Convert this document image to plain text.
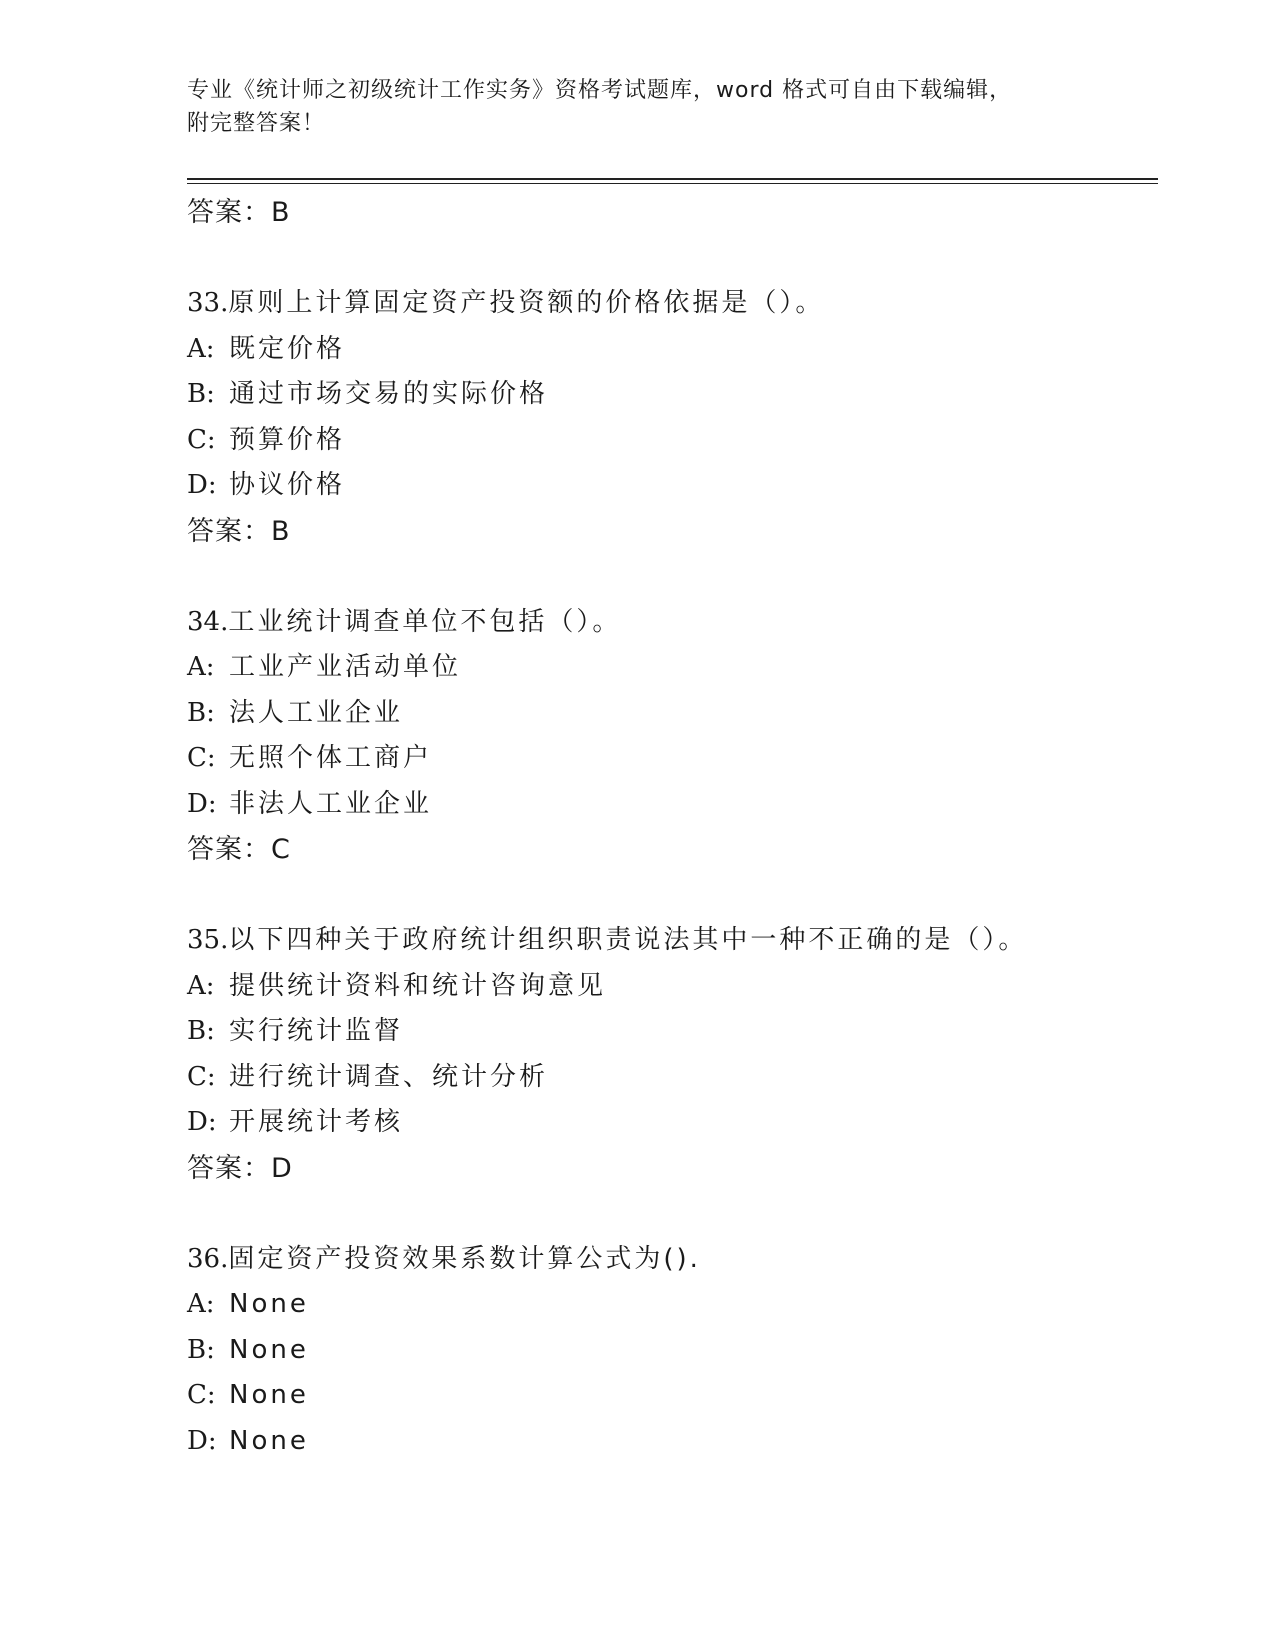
专业《统计师之初级统计工作实务》资格考试题库，word 格式可自由下载编辑，
附完整答案！
答案：B
33.原则上计算固定资产投资额的价格依据是（）。
A: 既定价格
B: 通过市场交易的实际价格
C: 预算价格
D: 协议价格
答案：B
34.工业统计调查单位不包括（）。
A: 工业产业活动单位
B: 法人工业企业
C: 无照个体工商户
D: 非法人工业企业
答案：C
35.以下四种关于政府统计组织职责说法其中一种不正确的是（）。
A: 提供统计资料和统计咨询意见
B: 实行统计监督
C: 进行统计调查、统计分析
D: 开展统计考核
答案：D
36.固定资产投资效果系数计算公式为().
A: None
B: None
C: None
D: None
